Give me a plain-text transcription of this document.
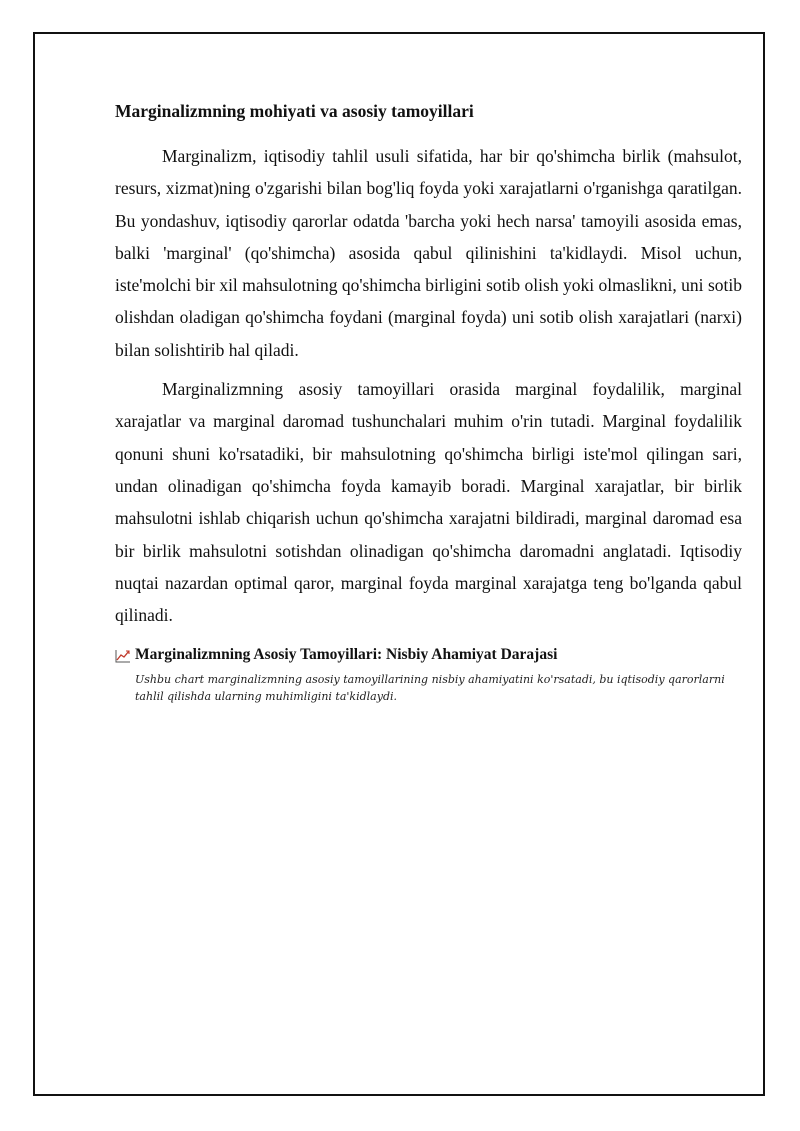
Marginalizmning mohiyati va asosiy tamoyillari

Marginalizm, iqtisodiy tahlil usuli sifatida, har bir qo'shimcha birlik (mahsulot, resurs, xizmat)ning o'zgarishi bilan bog'liq foyda yoki xarajatlarni o'rganishga qaratilgan. Bu yondashuv, iqtisodiy qarorlar odatda 'barcha yoki hech narsa' tamoyili asosida emas, balki 'marginal' (qo'shimcha) asosida qabul qilinishini ta'kidlaydi. Misol uchun, iste'molchi bir xil mahsulotning qo'shimcha birligini sotib olish yoki olmaslikni, uni sotib olishdan oladigan qo'shimcha foydani (marginal foyda) uni sotib olish xarajatlari (narxi) bilan solishtirib hal qiladi.

Marginalizmning asosiy tamoyillari orasida marginal foydalilik, marginal xarajatlar va marginal daromad tushunchalari muhim o'rin tutadi. Marginal foydalilik qonuni shuni ko'rsatadiki, bir mahsulotning qo'shimcha birligi iste'mol qilingan sari, undan olinadigan qo'shimcha foyda kamayib boradi. Marginal xarajatlar, bir birlik mahsulotni ishlab chiqarish uchun qo'shimcha xarajatni bildiradi, marginal daromad esa bir birlik mahsulotni sotishdan olinadigan qo'shimcha daromadni anglatadi. Iqtisodiy nuqtai nazardan optimal qaror, marginal foyda marginal xarajatga teng bo'lganda qabul qilinadi.

Marginalizmning Asosiy Tamoyillari: Nisbiy Ahamiyat Darajasi

Ushbu chart marginalizmning asosiy tamoyillarining nisbiy ahamiyatini ko'rsatadi, bu iqtisodiy qarorlarni tahlil qilishda ularning muhimligini ta'kidlaydi.
